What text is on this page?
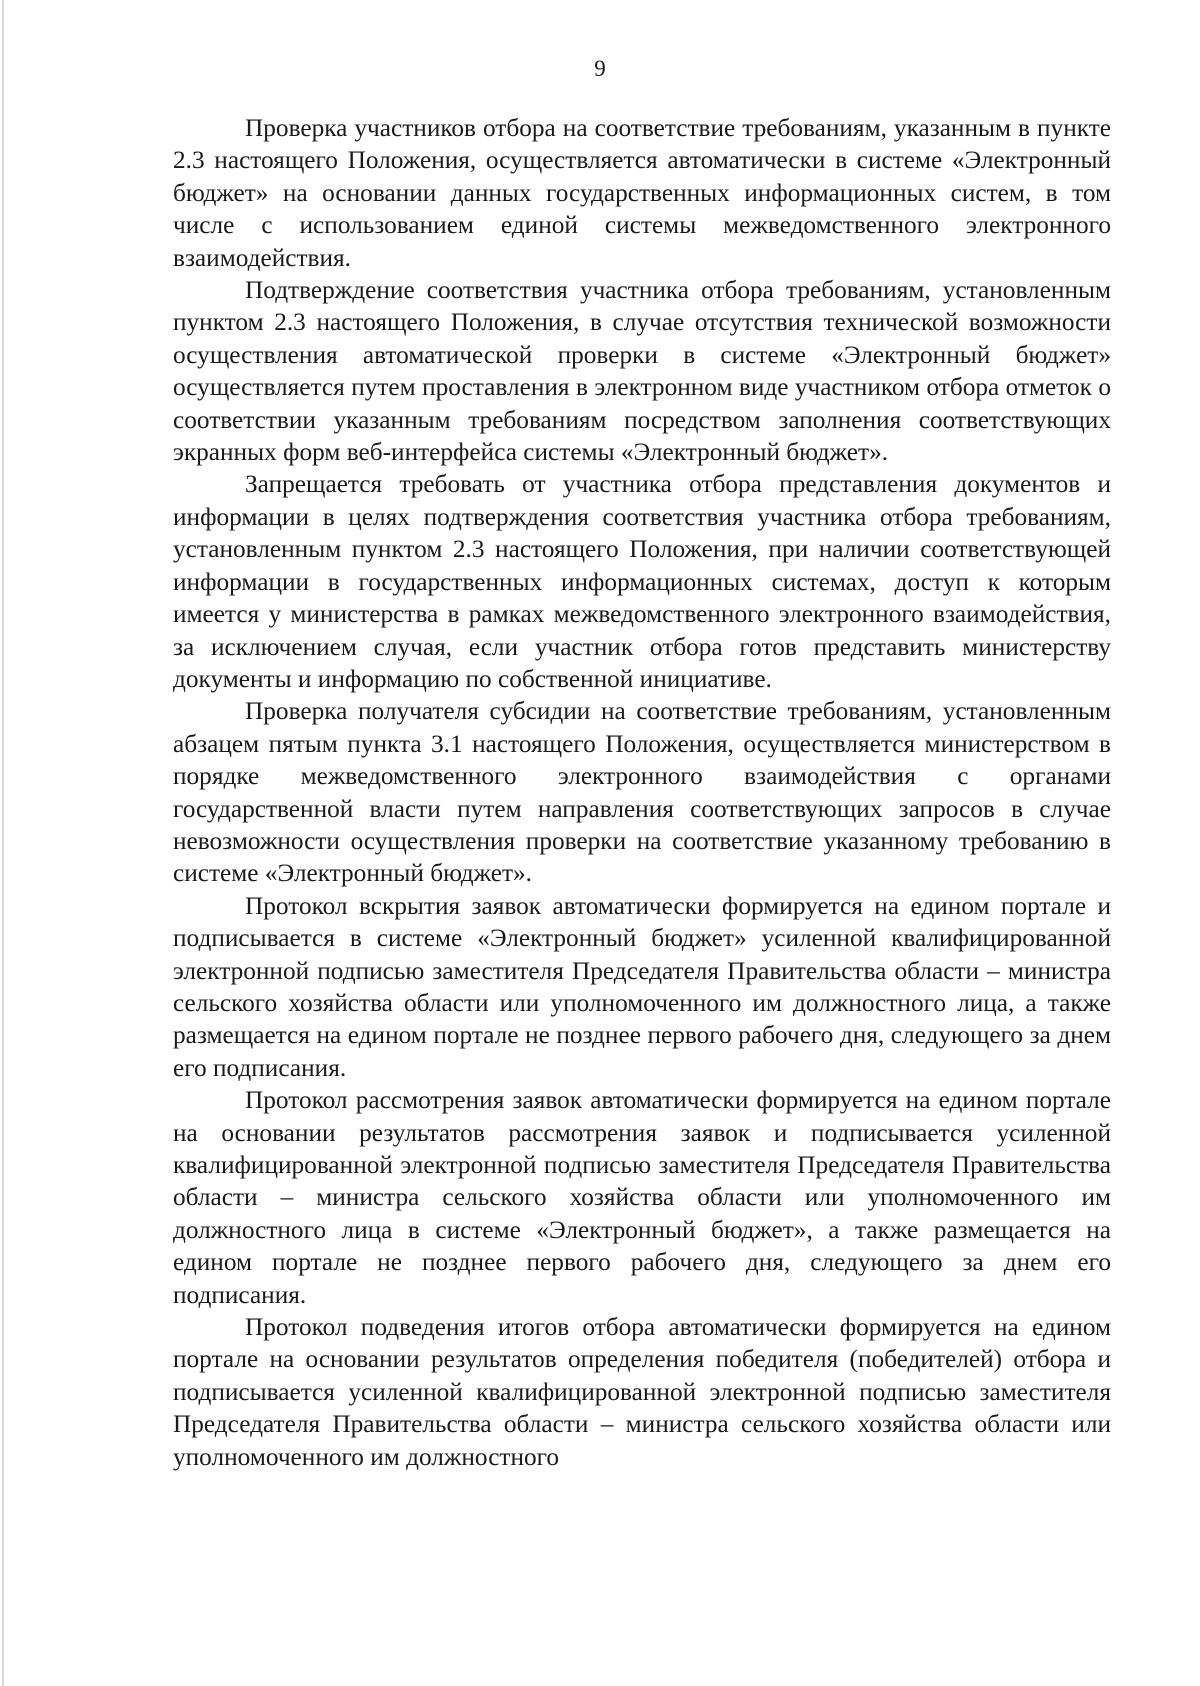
9

Проверка участников отбора на соответствие требованиям, указанным в пункте 2.3 настоящего Положения, осуществляется автоматически в системе «Электронный бюджет» на основании данных государственных информационных систем, в том числе с использованием единой системы межведомственного электронного взаимодействия.

Подтверждение соответствия участника отбора требованиям, установленным пунктом 2.3 настоящего Положения, в случае отсутствия технической возможности осуществления автоматической проверки в системе «Электронный бюджет» осуществляется путем проставления в электронном виде участником отбора отметок о соответствии указанным требованиям посредством заполнения соответствующих экранных форм веб-интерфейса системы «Электронный бюджет».

Запрещается требовать от участника отбора представления документов и информации в целях подтверждения соответствия участника отбора требованиям, установленным пунктом 2.3 настоящего Положения, при наличии соответствующей информации в государственных информационных системах, доступ к которым имеется у министерства в рамках межведомственного электронного взаимодействия, за исключением случая, если участник отбора готов представить министерству документы и информацию по собственной инициативе.

Проверка получателя субсидии на соответствие требованиям, установленным абзацем пятым пункта 3.1 настоящего Положения, осуществляется министерством в порядке межведомственного электронного взаимодействия с органами государственной власти путем направления соответствующих запросов в случае невозможности осуществления проверки на соответствие указанному требованию в системе «Электронный бюджет».

Протокол вскрытия заявок автоматически формируется на едином портале и подписывается в системе «Электронный бюджет» усиленной квалифицированной электронной подписью заместителя Председателя Правительства области – министра сельского хозяйства области или уполномоченного им должностного лица, а также размещается на едином портале не позднее первого рабочего дня, следующего за днем его подписания.

Протокол рассмотрения заявок автоматически формируется на едином портале на основании результатов рассмотрения заявок и подписывается усиленной квалифицированной электронной подписью заместителя Председателя Правительства области – министра сельского хозяйства области или уполномоченного им должностного лица в системе «Электронный бюджет», а также размещается на едином портале не позднее первого рабочего дня, следующего за днем его подписания.

Протокол подведения итогов отбора автоматически формируется на едином портале на основании результатов определения победителя (победителей) отбора и подписывается усиленной квалифицированной электронной подписью заместителя Председателя Правительства области – министра сельского хозяйства области или уполномоченного им должностного
